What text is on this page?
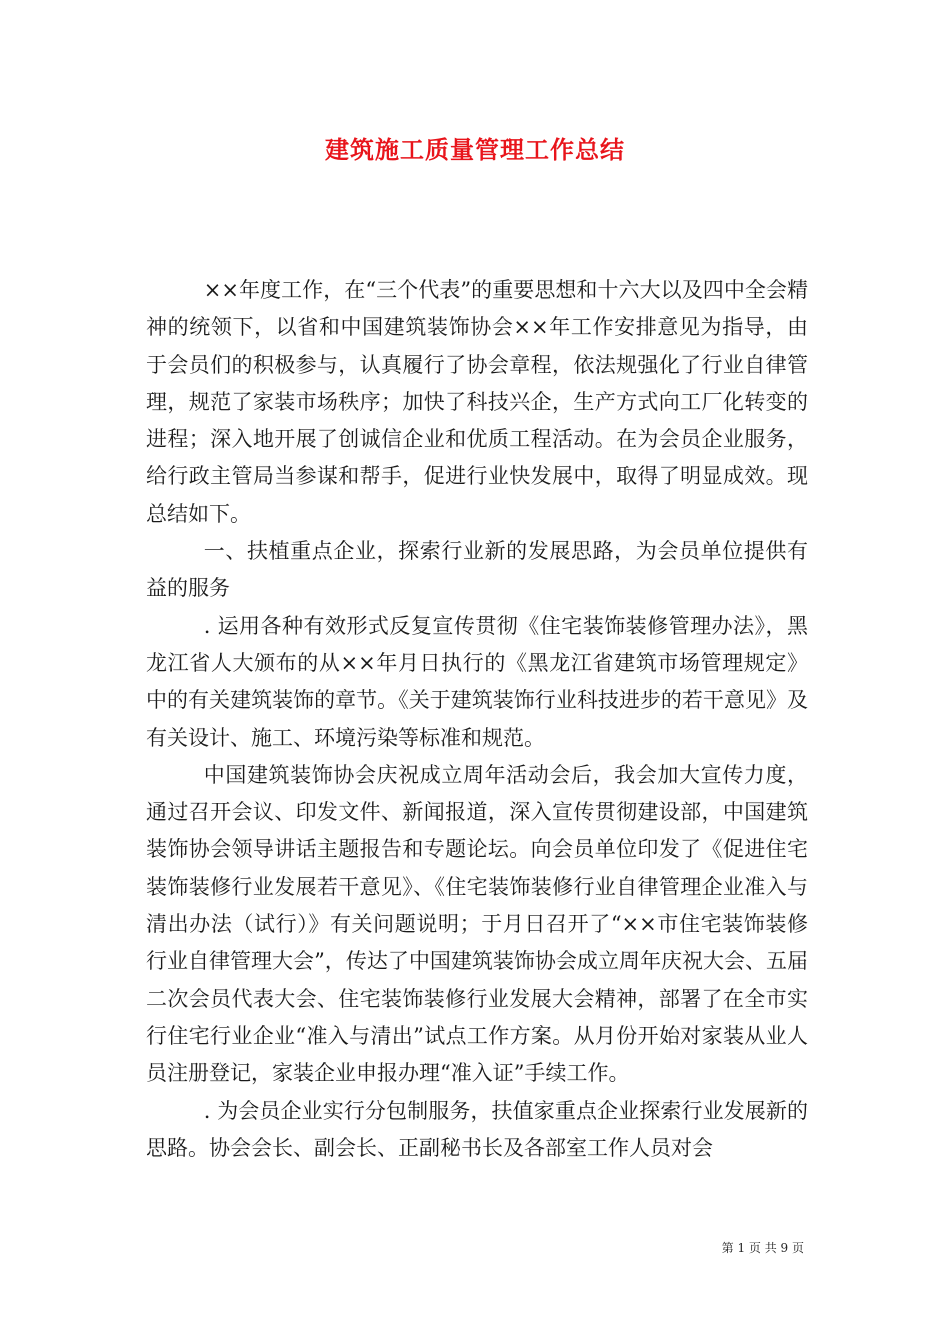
建筑施工质量管理工作总结

××年度工作，在“三个代表”的重要思想和十六大以及四中全会精神的统领下，以省和中国建筑装饰协会××年工作安排意见为指导，由于会员们的积极参与，认真履行了协会章程，依法规强化了行业自律管理，规范了家装市场秩序；加快了科技兴企，生产方式向工厂化转变的进程；深入地开展了创诚信企业和优质工程活动。在为会员企业服务，给行政主管局当参谋和帮手，促进行业快发展中，取得了明显成效。现总结如下。

一、扶植重点企业，探索行业新的发展思路，为会员单位提供有益的服务

. 运用各种有效形式反复宣传贯彻《住宅装饰装修管理办法》，黑龙江省人大颁布的从××年月日执行的《黑龙江省建筑市场管理规定》中的有关建筑装饰的章节。《关于建筑装饰行业科技进步的若干意见》及有关设计、施工、环境污染等标准和规范。

中国建筑装饰协会庆祝成立周年活动会后，我会加大宣传力度，通过召开会议、印发文件、新闻报道，深入宣传贯彻建设部，中国建筑装饰协会领导讲话主题报告和专题论坛。向会员单位印发了《促进住宅装饰装修行业发展若干意见》、《住宅装饰装修行业自律管理企业准入与清出办法（试行）》有关问题说明；于月日召开了“××市住宅装饰装修行业自律管理大会”，传达了中国建筑装饰协会成立周年庆祝大会、五届二次会员代表大会、住宅装饰装修行业发展大会精神，部署了在全市实行住宅行业企业“准入与清出”试点工作方案。从月份开始对家装从业人员注册登记，家装企业申报办理“准入证”手续工作。

. 为会员企业实行分包制服务，扶值家重点企业探索行业发展新的思路。协会会长、副会长、正副秘书长及各部室工作人员对会

第 1 页 共 9 页
